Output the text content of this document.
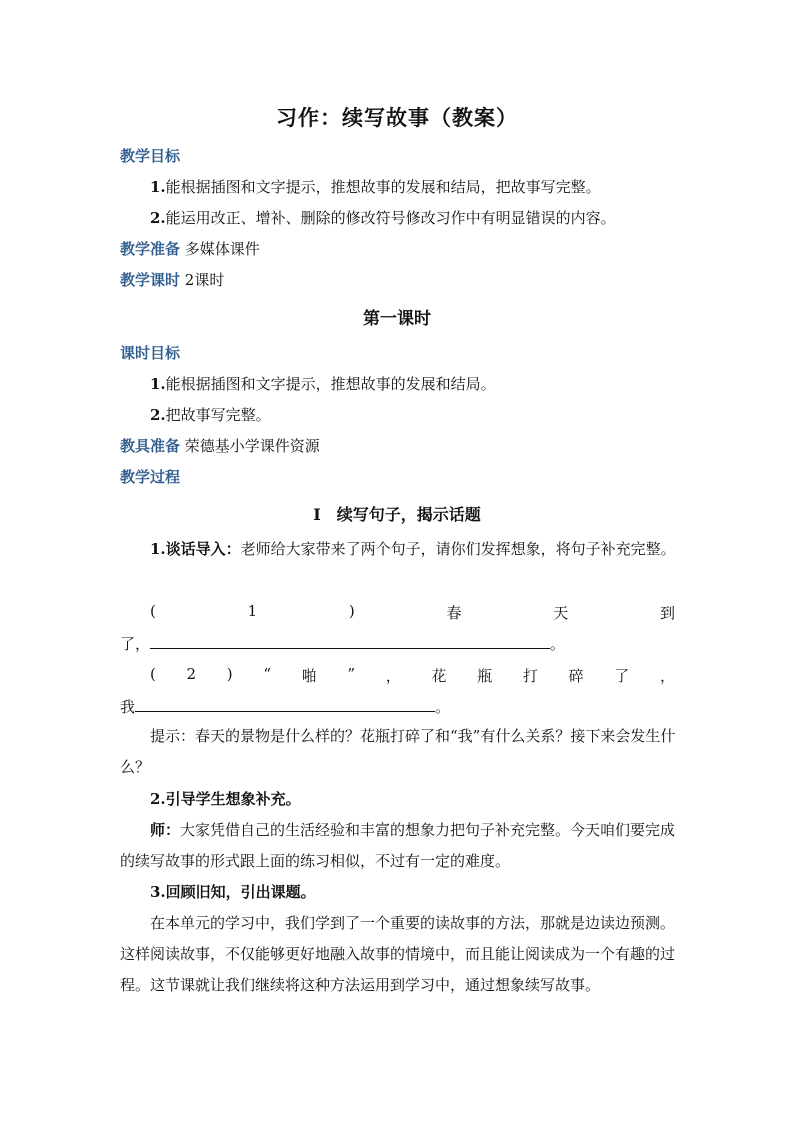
习作：续写故事（教案）
教学目标
1.能根据插图和文字提示，推想故事的发展和结局，把故事写完整。
2.能运用改正、增补、删除的修改符号修改习作中有明显错误的内容。
教学准备 多媒体课件
教学课时 2课时
第一课时
课时目标
1.能根据插图和文字提示，推想故事的发展和结局。
2.把故事写完整。
教具准备 荣德基小学课件资源
教学过程
Ⅰ　续写句子，揭示话题
1.谈话导入：老师给大家带来了两个句子，请你们发挥想象，将句子补充完整。
(	1	)	春	天	到
了，	。
( 2 ) “ 啪 ” ， 花 瓶 打 碎 了 ，
我	。
提示：春天的景物是什么样的？花瓶打碎了和“我”有什么关系？接下来会发生什么？
2.引导学生想象补充。
师：大家凭借自己的生活经验和丰富的想象力把句子补充完整。今天咱们要完成的续写故事的形式跟上面的练习相似，不过有一定的难度。
3.回顾旧知，引出课题。
在本单元的学习中，我们学到了一个重要的读故事的方法，那就是边读边预测。这样阅读故事，不仅能够更好地融入故事的情境中，而且能让阅读成为一个有趣的过程。这节课就让我们继续将这种方法运用到学习中，通过想象续写故事。
